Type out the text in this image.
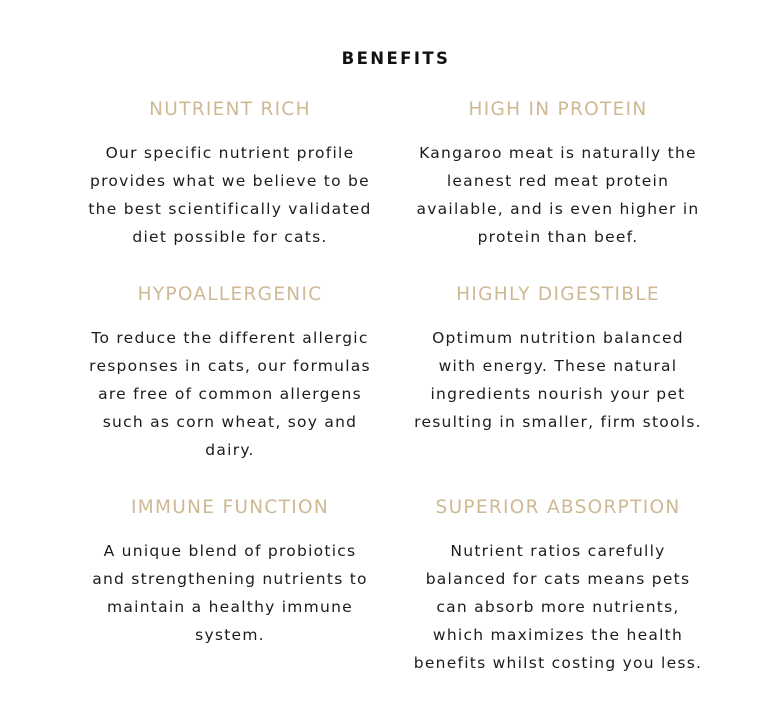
BENEFITS
NUTRIENT RICH

Our specific nutrient profile
provides what we believe to be
the best scientifically validated
diet possible for cats.

HIGH IN PROTEIN

Kangaroo meat is naturally the
leanest red meat protein
available, and is even higher in
protein than beef.

HYPOALLERGENIC

To reduce the different allergic
responses in cats, our formulas
are free of common allergens
such as corn wheat, soy and
dairy.

HIGHLY DIGESTIBLE

Optimum nutrition balanced
with energy. These natural
ingredients nourish your pet
resulting in smaller, firm stools.

IMMUNE FUNCTION

A unique blend of probiotics
and strengthening nutrients to
maintain a healthy immune
system.

SUPERIOR ABSORPTION

Nutrient ratios carefully
balanced for cats means pets
can absorb more nutrients,
which maximizes the health
benefits whilst costing you less.
